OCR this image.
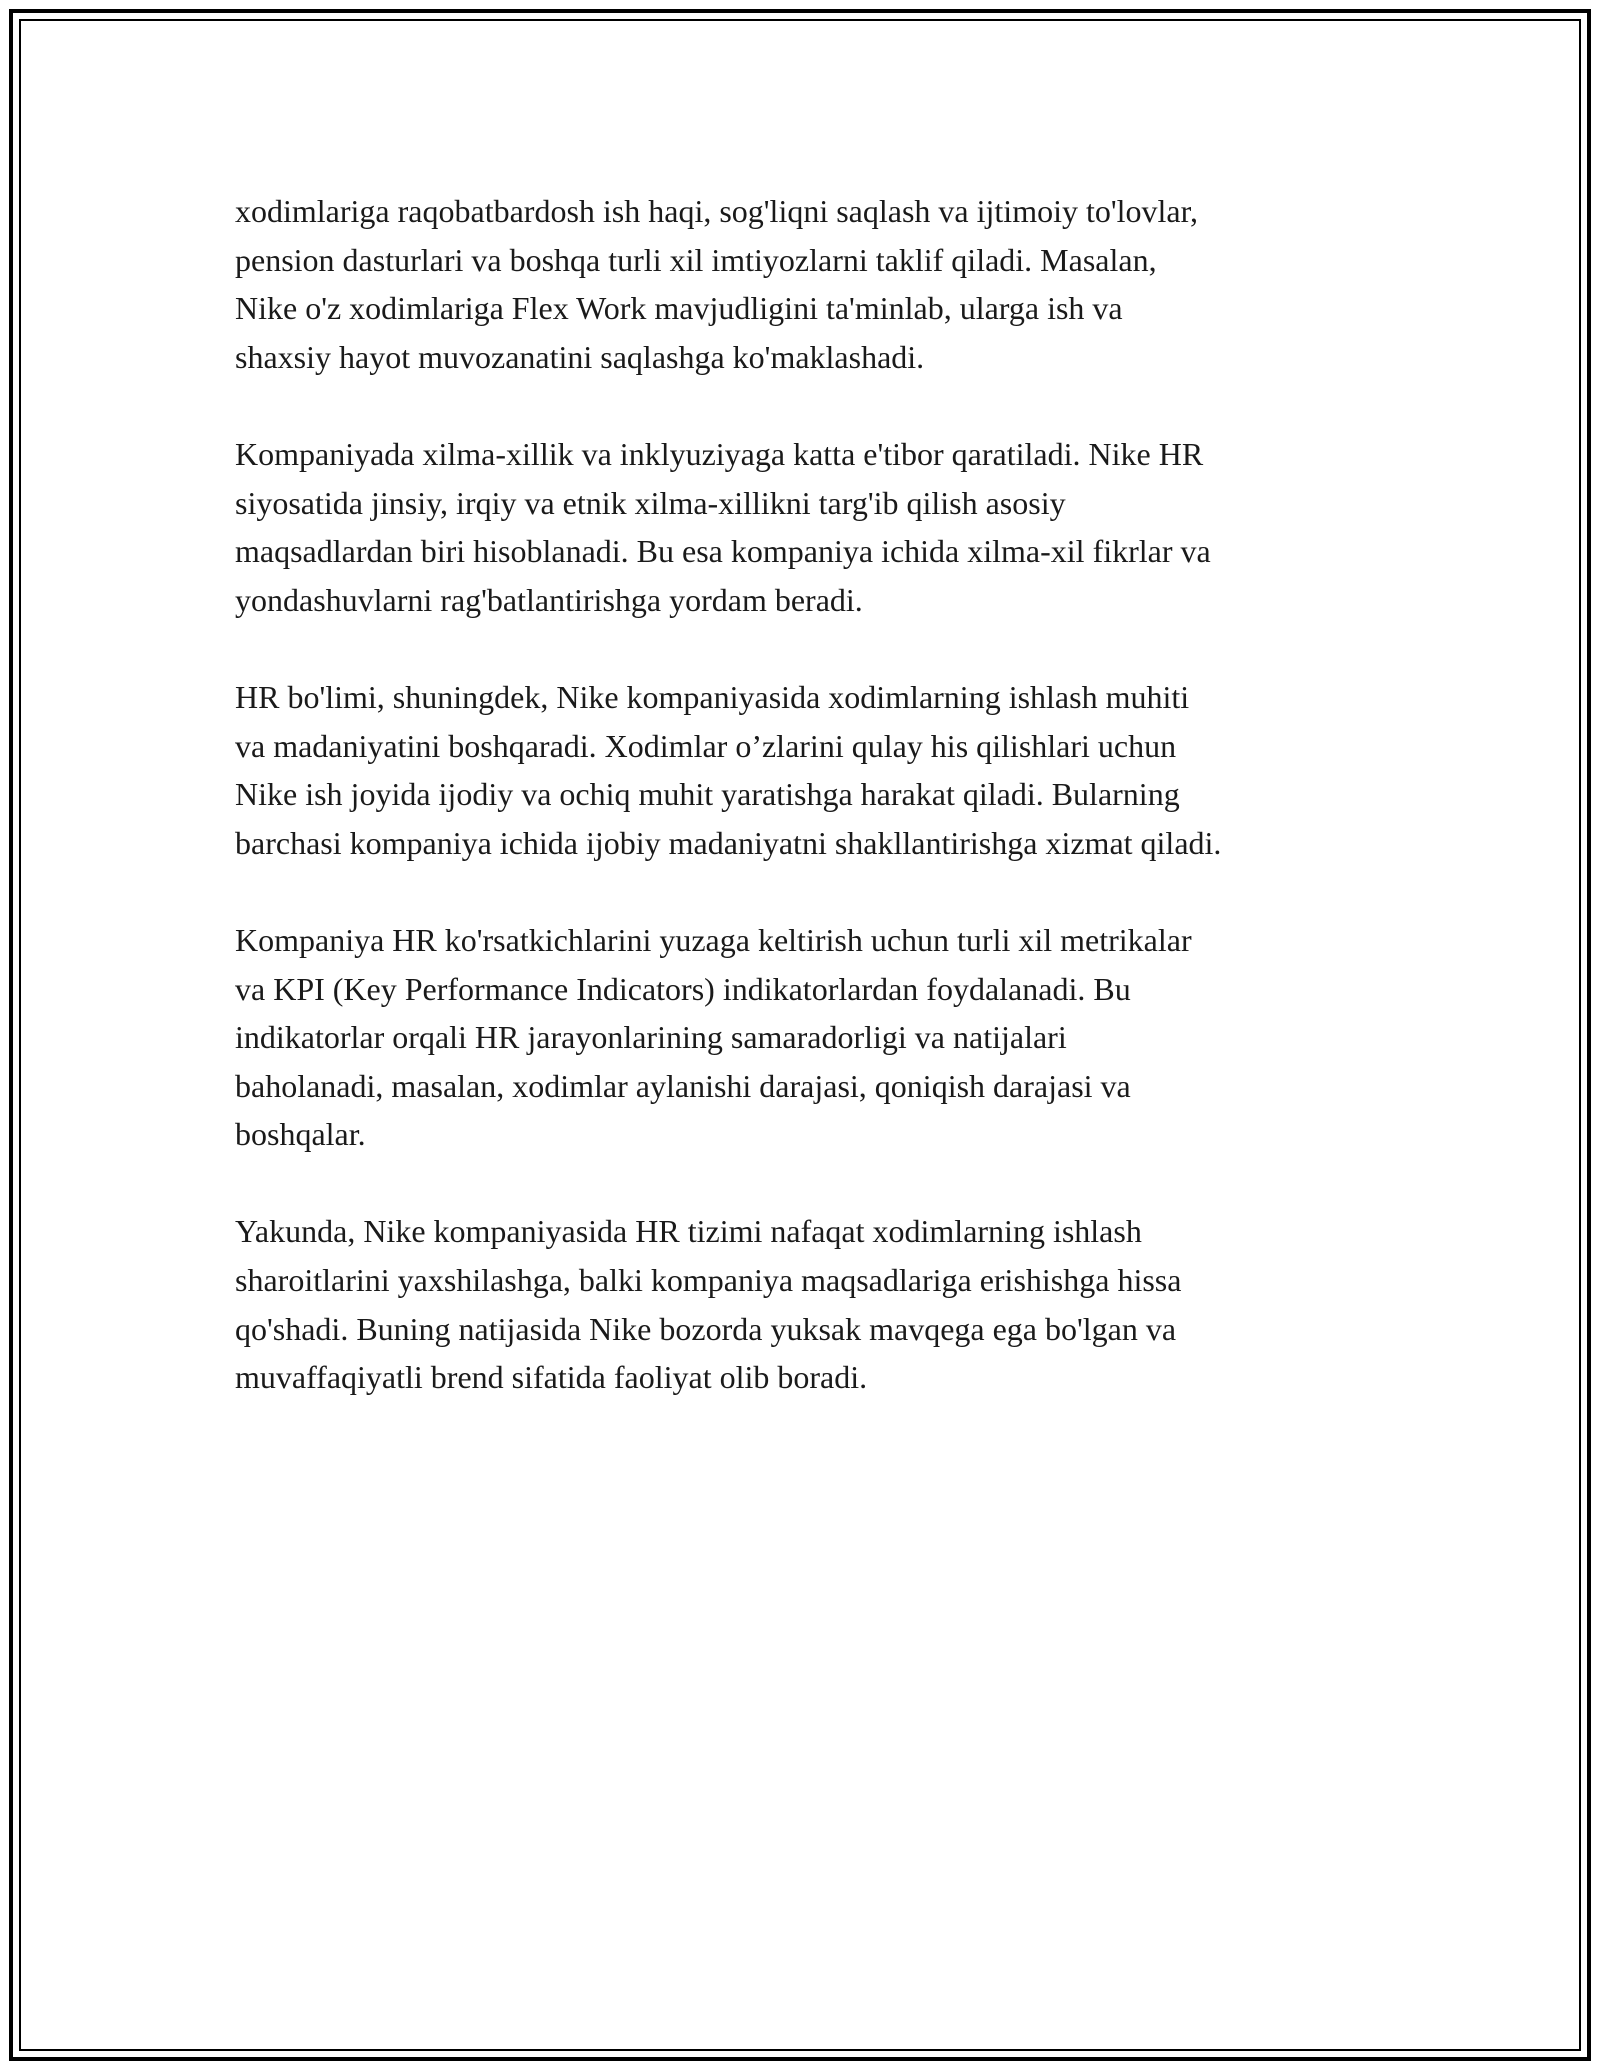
xodimlariga raqobatbardosh ish haqi, sog'liqni saqlash va ijtimoiy to'lovlar,
pension dasturlari va boshqa turli xil imtiyozlarni taklif qiladi. Masalan,
Nike o'z xodimlariga Flex Work mavjudligini ta'minlab, ularga ish va
shaxsiy hayot muvozanatini saqlashga ko'maklashadi.

Kompaniyada xilma-xillik va inklyuziyaga katta e'tibor qaratiladi. Nike HR
siyosatida jinsiy, irqiy va etnik xilma-xillikni targ'ib qilish asosiy
maqsadlardan biri hisoblanadi. Bu esa kompaniya ichida xilma-xil fikrlar va
yondashuvlarni rag'batlantirishga yordam beradi.

HR bo'limi, shuningdek, Nike kompaniyasida xodimlarning ishlash muhiti
va madaniyatini boshqaradi. Xodimlar o’zlarini qulay his qilishlari uchun
Nike ish joyida ijodiy va ochiq muhit yaratishga harakat qiladi. Bularning
barchasi kompaniya ichida ijobiy madaniyatni shakllantirishga xizmat qiladi.

Kompaniya HR ko'rsatkichlarini yuzaga keltirish uchun turli xil metrikalar
va KPI (Key Performance Indicators) indikatorlardan foydalanadi. Bu
indikatorlar orqali HR jarayonlarining samaradorligi va natijalari
baholanadi, masalan, xodimlar aylanishi darajasi, qoniqish darajasi va
boshqalar.

Yakunda, Nike kompaniyasida HR tizimi nafaqat xodimlarning ishlash
sharoitlarini yaxshilashga, balki kompaniya maqsadlariga erishishga hissa
qo'shadi. Buning natijasida Nike bozorda yuksak mavqega ega bo'lgan va
muvaffaqiyatli brend sifatida faoliyat olib boradi.
